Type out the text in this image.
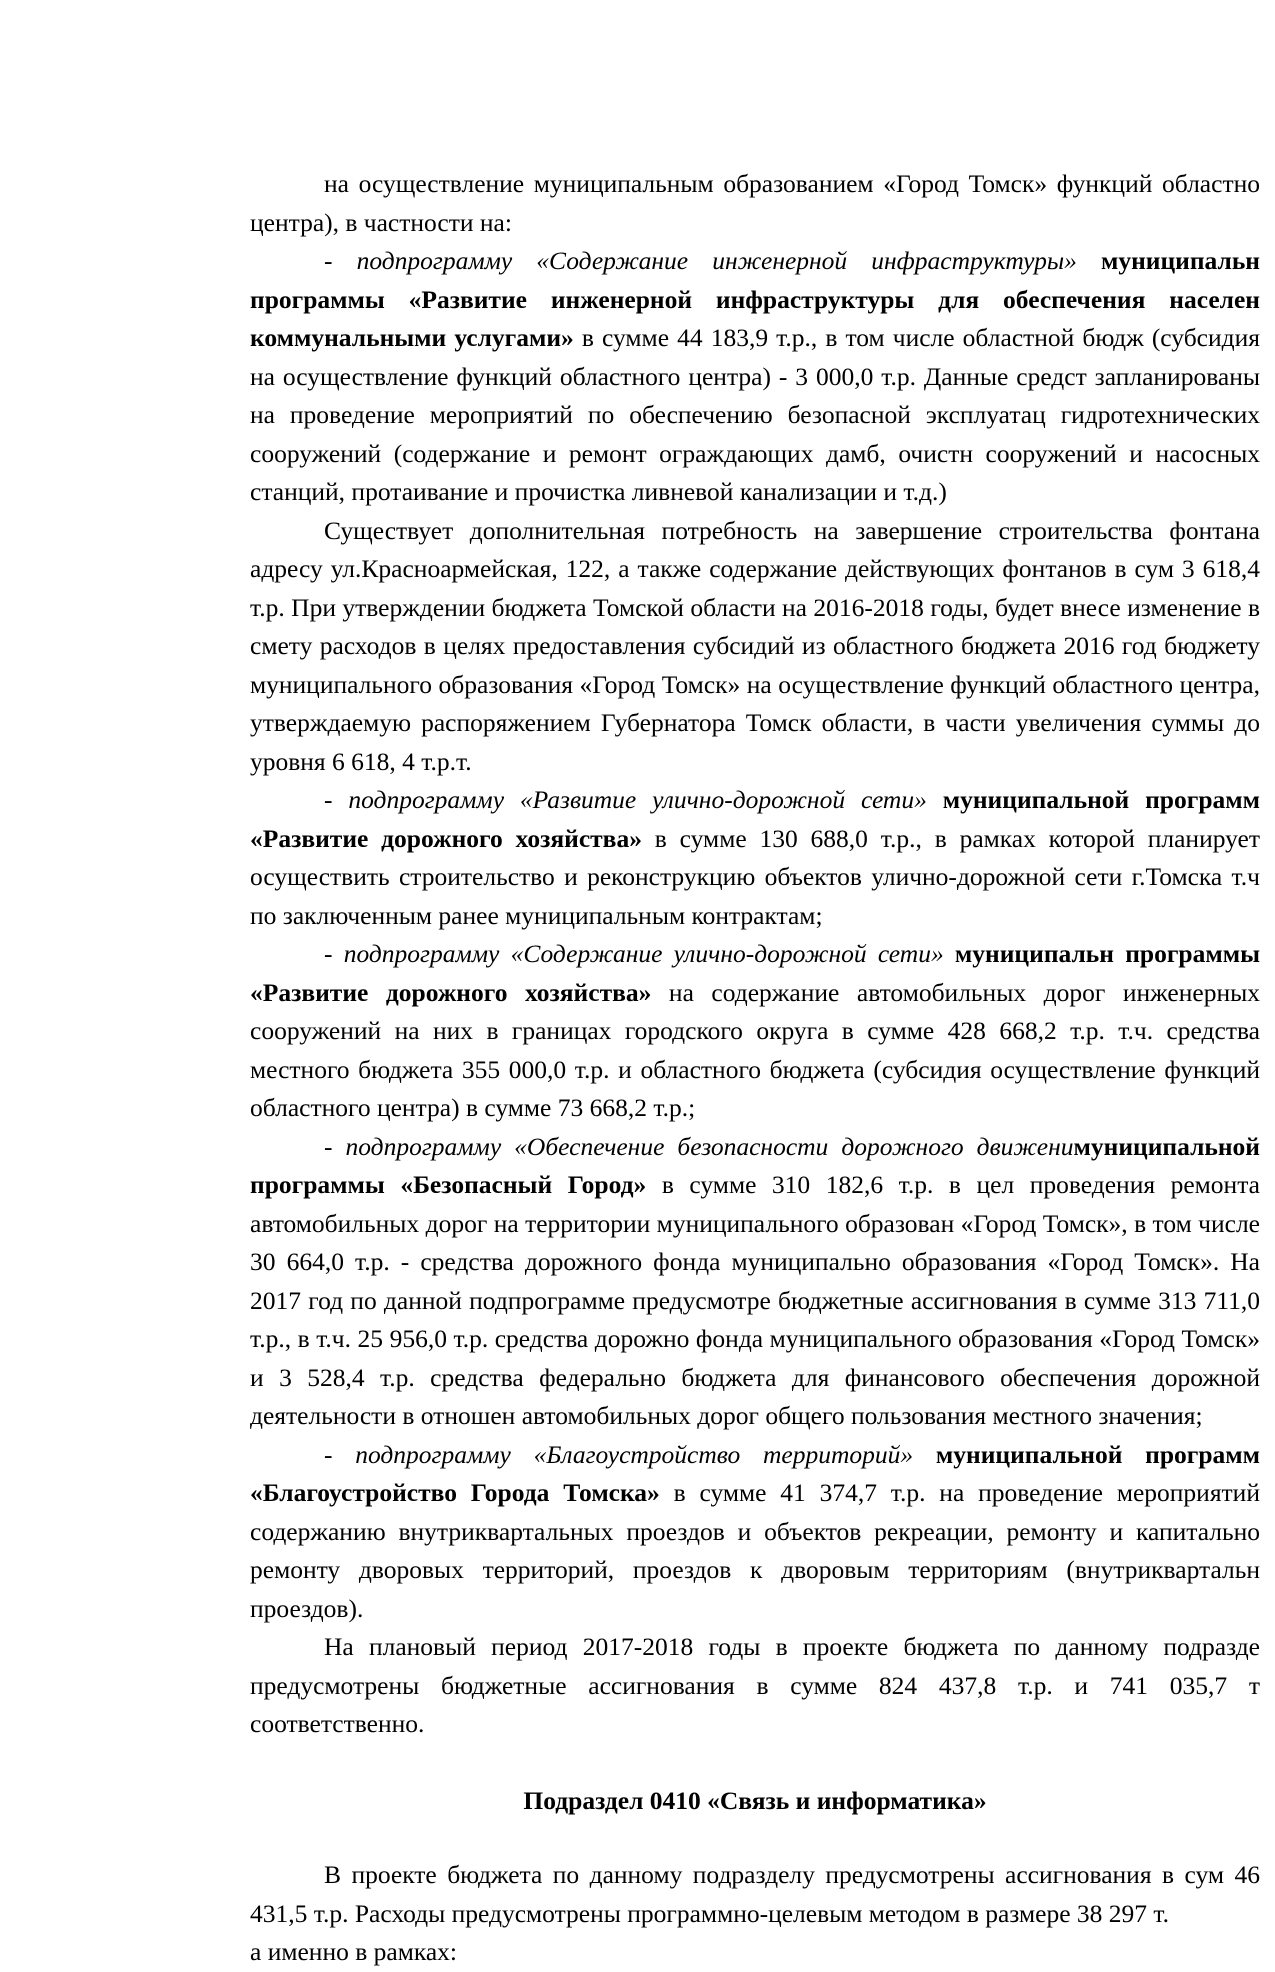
на осуществление муниципальным образованием «Город Томск» функций областно центра), в частности на:

- подпрограмму «Содержание инженерной инфраструктуры» муниципальн программы «Развитие инженерной инфраструктуры для обеспечения населен коммунальными услугами» в сумме 44 183,9 т.р., в том числе областной бюдж (субсидия на осуществление функций областного центра) - 3 000,0 т.р. Данные средст запланированы на проведение мероприятий по обеспечению безопасной эксплуатац гидротехнических сооружений (содержание и ремонт ограждающих дамб, очистн сооружений и насосных станций, протаивание и прочистка ливневой канализации и т.д.)

Существует дополнительная потребность на завершение строительства фонтана адресу ул.Красноармейская, 122, а также содержание действующих фонтанов в сум 3 618,4 т.р. При утверждении бюджета Томской области на 2016-2018 годы, будет внесе изменение в смету расходов в целях предоставления субсидий из областного бюджета 2016 год бюджету муниципального образования «Город Томск» на осуществление функций областного центра, утверждаемую распоряжением Губернатора Томск области, в части увеличения суммы до уровня 6 618, 4 т.р.т.

- подпрограмму «Развитие улично-дорожной сети» муниципальной программ «Развитие дорожного хозяйства» в сумме 130 688,0 т.р., в рамках которой планирует осуществить строительство и реконструкцию объектов улично-дорожной сети г.Томска т.ч по заключенным ранее муниципальным контрактам;

- подпрограмму «Содержание улично-дорожной сети» муниципальн программы «Развитие дорожного хозяйства» на содержание автомобильных дорог инженерных сооружений на них в границах городского округа в сумме 428 668,2 т.р. т.ч. средства местного бюджета 355 000,0 т.р. и областного бюджета (субсидия осуществление функций областного центра) в сумме 73 668,2 т.р.;

- подпрограмму «Обеспечение безопасности дорожного движенимуниципальной программы «Безопасный Город» в сумме 310 182,6 т.р. в цел проведения ремонта автомобильных дорог на территории муниципального образован «Город Томск», в том числе 30 664,0 т.р. - средства дорожного фонда муниципально образования «Город Томск». На 2017 год по данной подпрограмме предусмотре бюджетные ассигнования в сумме 313 711,0 т.р., в т.ч. 25 956,0 т.р. средства дорожно фонда муниципального образования «Город Томск» и 3 528,4 т.р. средства федерально бюджета для финансового обеспечения дорожной деятельности в отношен автомобильных дорог общего пользования местного значения;

- подпрограмму «Благоустройство территорий» муниципальной программ «Благоустройство Города Томска» в сумме 41 374,7 т.р. на проведение мероприятий содержанию внутриквартальных проездов и объектов рекреации, ремонту и капитально ремонту дворовых территорий, проездов к дворовым территориям (внутриквартальн проездов).

На плановый период 2017-2018 годы в проекте бюджета по данному подразде предусмотрены бюджетные ассигнования в сумме 824 437,8 т.р. и 741 035,7 т соответственно.

Подраздел 0410 «Связь и информатика»

В проекте бюджета по данному подразделу предусмотрены ассигнования в сум 46 431,5 т.р. Расходы предусмотрены программно-целевым методом в размере 38 297 т.

а именно в рамках:
